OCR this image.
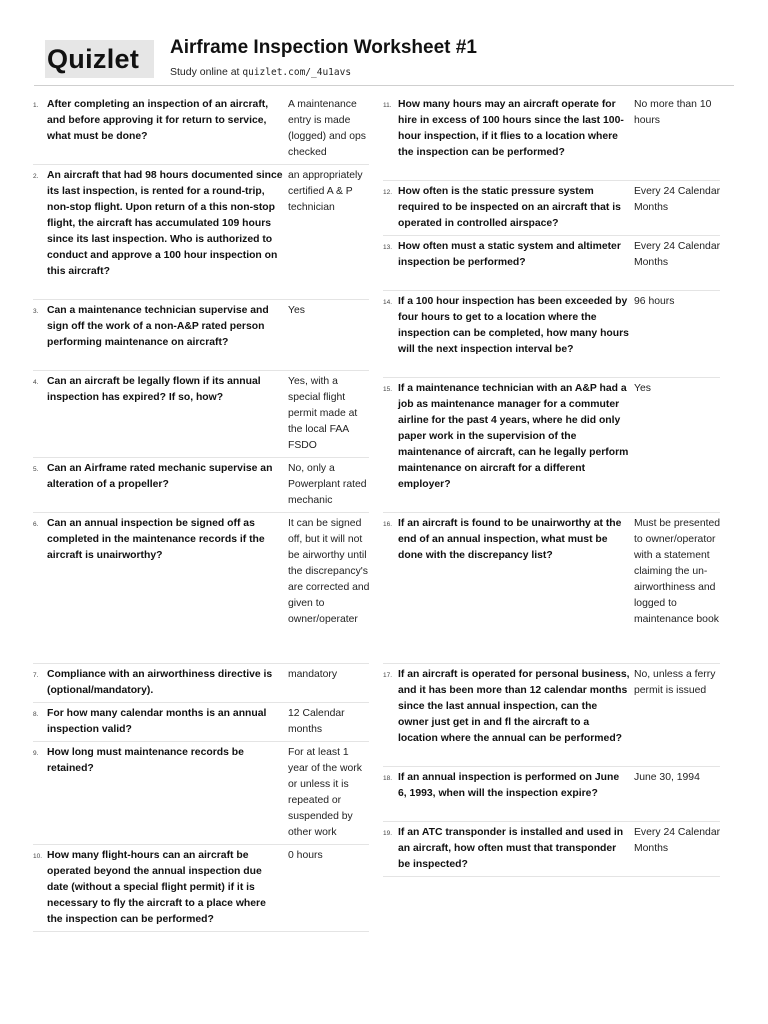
Quizlet	Airframe Inspection Worksheet #1
Study online at quizlet.com/_4u1avs
1. After completing an inspection of an aircraft, and before approving it for return to service, what must be done?
A maintenance entry is made (logged) and ops checked
2. An aircraft that had 98 hours documented since its last inspection, is rented for a round-trip, non-stop flight. Upon return of a this non-stop flight, the aircraft has accumulated 109 hours since its last inspection. Who is authorized to conduct and approve a 100 hour inspection on this aircraft?
an appropriately certified A & P technician
3. Can a maintenance technician supervise and sign off the work of a non-A&P rated person performing maintenance on aircraft?
Yes
4. Can an aircraft be legally flown if its annual inspection has expired? If so, how?
Yes, with a special flight permit made at the local FAA FSDO
5. Can an Airframe rated mechanic supervise an alteration of a propeller?
No, only a Powerplant rated mechanic
6. Can an annual inspection be signed off as completed in the maintenance records if the aircraft is unairworthy?
It can be signed off, but it will not be airworthy until the discrepancy's are corrected and given to owner/operater
7. Compliance with an airworthiness directive is (optional/mandatory).
mandatory
8. For how many calendar months is an annual inspection valid?
12 Calendar months
9. How long must maintenance records be retained?
For at least 1 year of the work or unless it is repeated or suspended by other work
10. How many flight-hours can an aircraft be operated beyond the annual inspection due date (without a special flight permit) if it is necessary to fly the aircraft to a place where the inspection can be performed?
0 hours
11. How many hours may an aircraft operate for hire in excess of 100 hours since the last 100-hour inspection, if it flies to a location where the inspection can be performed?
No more than 10 hours
12. How often is the static pressure system required to be inspected on an aircraft that is operated in controlled airspace?
Every 24 Calendar Months
13. How often must a static system and altimeter inspection be performed?
Every 24 Calendar Months
14. If a 100 hour inspection has been exceeded by four hours to get to a location where the inspection can be completed, how many hours will the next inspection interval be?
96 hours
15. If a maintenance technician with an A&P had a job as maintenance manager for a commuter airline for the past 4 years, where he did only paper work in the supervision of the maintenance of aircraft, can he legally perform maintenance on aircraft for a different employer?
Yes
16. If an aircraft is found to be unairworthy at the end of an annual inspection, what must be done with the discrepancy list?
Must be presented to owner/operator with a statement claiming the un-airworthiness and logged to maintenance book
17. If an aircraft is operated for personal business, and it has been more than 12 calendar months since the last annual inspection, can the owner just get in and fl the aircraft to a location where the annual can be performed?
No, unless a ferry permit is issued
18. If an annual inspection is performed on June 6, 1993, when will the inspection expire?
June 30, 1994
19. If an ATC transponder is installed and used in an aircraft, how often must that transponder be inspected?
Every 24 Calendar Months
